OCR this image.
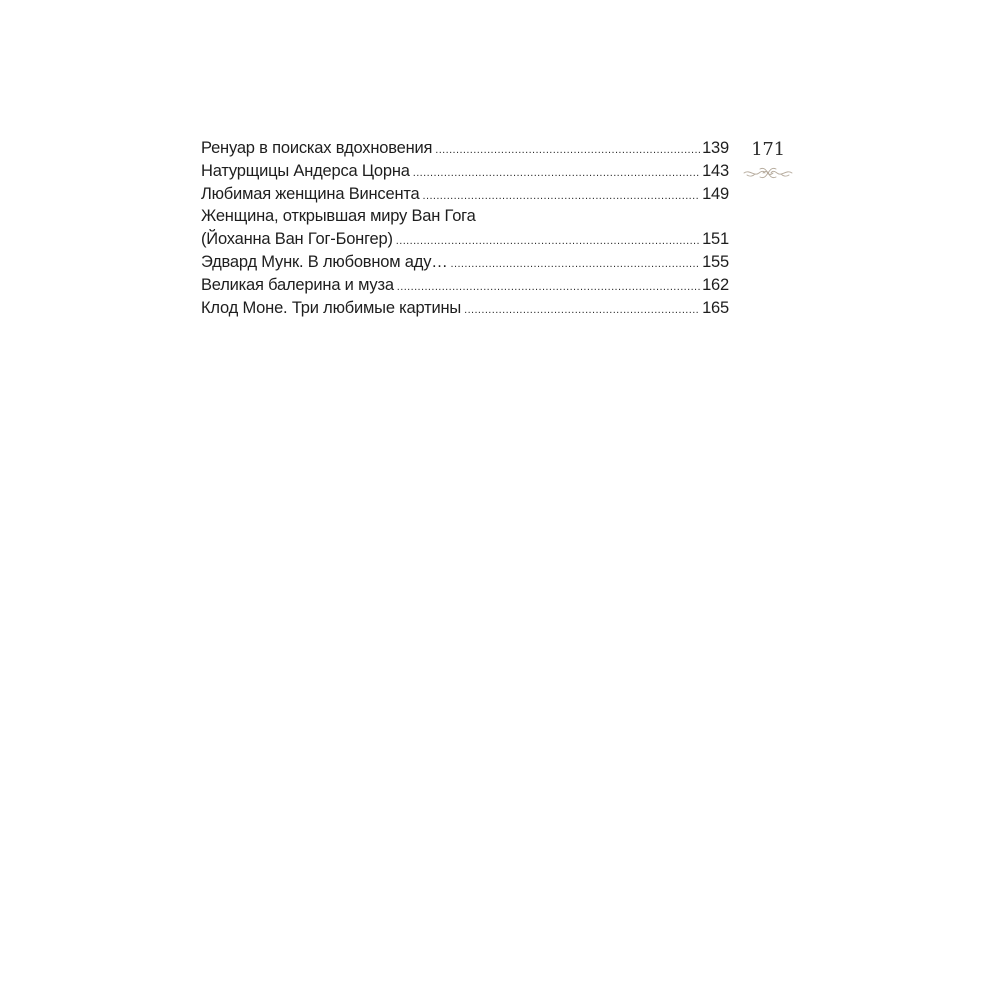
Ренуар в поисках вдохновения .....	139
Натурщицы Андерса Цорна .....	143
Любимая женщина Винсента .....	149
Женщина, открывшая миру Ван Гога
(Йоханна Ван Гог-Бонгер) .....	151
Эдвард Мунк. В любовном аду… .....	155
Великая балерина и муза .....	162
Клод Моне. Три любимые картины .....	165
171
